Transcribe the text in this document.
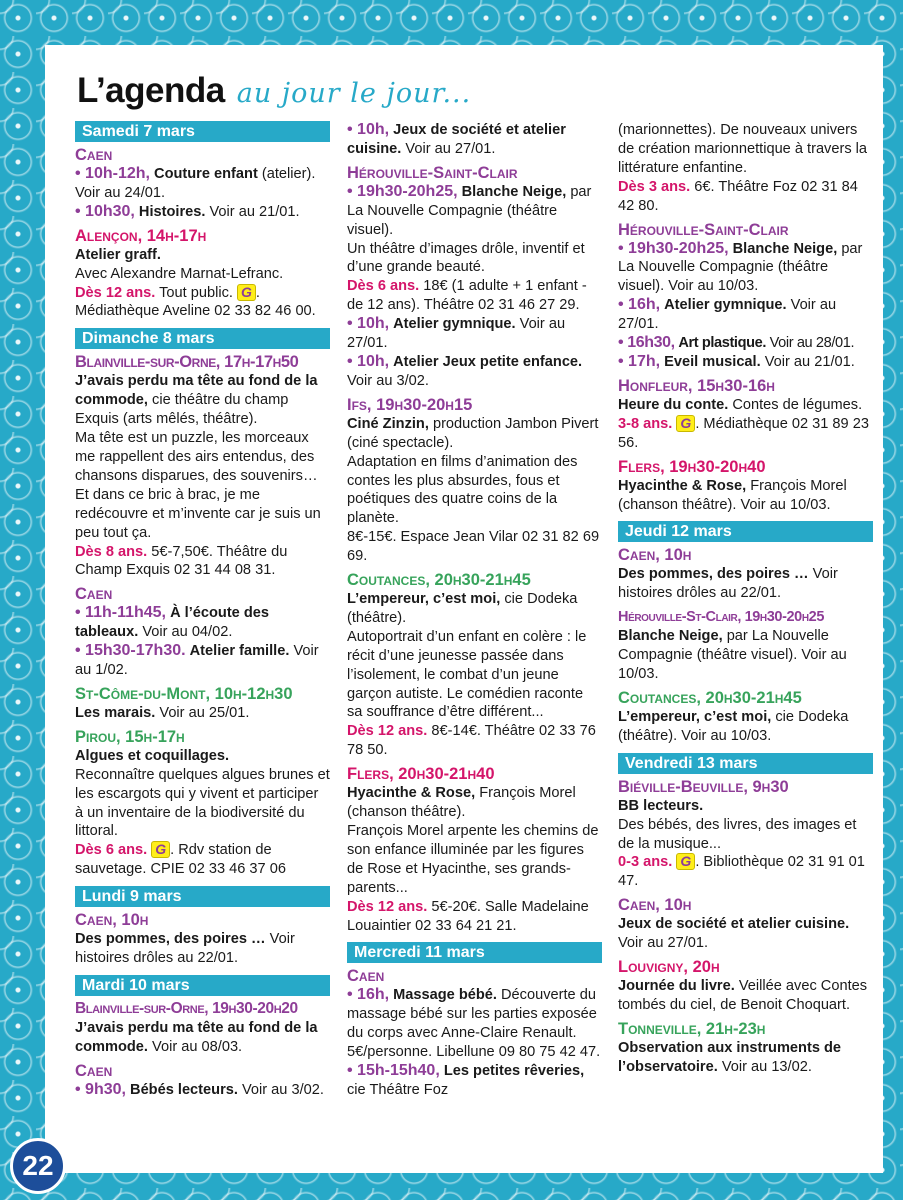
L’agenda au jour le jour...
Samedi 7 mars
Caen
• 10h-12h, Couture enfant (atelier). Voir au 24/01.
• 10h30, Histoires. Voir au 21/01.
Alençon, 14h-17h
Atelier graff.
Avec Alexandre Marnat-Lefranc.
Dès 12 ans. Tout public. G . Médiathèque Aveline 02 33 82 46 00.
Dimanche 8 mars
Blainville-sur-Orne, 17h-17h50
J’avais perdu ma tête au fond de la commode, cie théâtre du champ Exquis (arts mêlés, théâtre).
Ma tête est un puzzle, les morceaux me rappellent des airs entendus, des chansons disparues, des souvenirs… Et dans ce bric à brac, je me redécouvre et m’invente car je suis un peu tout ça.
Dès 8 ans. 5€-7,50€. Théâtre du Champ Exquis 02 31 44 08 31.
Caen
• 11h-11h45, À l’écoute des tableaux. Voir au 04/02.
• 15h30-17h30. Atelier famille. Voir au 1/02.
St-Côme-du-Mont, 10h-12h30
Les marais. Voir au 25/01.
Pirou, 15h-17h
Algues et coquillages.
Reconnaître quelques algues brunes et les escargots qui y vivent et participer à un inventaire de la biodiversité du littoral.
Dès 6 ans. G . Rdv station de sauvetage. CPIE 02 33 46 37 06
Lundi 9 mars
Caen, 10h
Des pommes, des poires … Voir histoires drôles au 22/01.
Mardi 10 mars
Blainville-sur-Orne, 19h30-20h20
J’avais perdu ma tête au fond de la commode. Voir au 08/03.
Caen
• 9h30, Bébés lecteurs. Voir au 3/02.
• 10h, Jeux de société et atelier cuisine. Voir au 27/01.
Hérouville-Saint-Clair
• 19h30-20h25, Blanche Neige, par La Nouvelle Compagnie (théâtre visuel).
Un théâtre d’images drôle, inventif et d’une grande beauté.
Dès 6 ans. 18€ (1 adulte + 1 enfant - de 12 ans). Théâtre 02 31 46 27 29.
• 10h, Atelier gymnique. Voir au 27/01.
• 10h, Atelier Jeux petite enfance. Voir au 3/02.
Ifs, 19h30-20h15
Ciné Zinzin, production Jambon Pivert (ciné spectacle).
Adaptation en films d’animation des contes les plus absurdes, fous et poétiques des quatre coins de la planète.
8€-15€. Espace Jean Vilar 02 31 82 69 69.
Coutances, 20h30-21h45
L’empereur, c’est moi, cie Dodeka (théâtre).
Autoportrait d’un enfant en colère : le récit d’une jeunesse passée dans l’isolement, le combat d’un jeune garçon autiste. Le comédien raconte sa souffrance d’être différent...
Dès 12 ans. 8€-14€. Théâtre 02 33 76 78 50.
Flers, 20h30-21h40
Hyacinthe & Rose, François Morel (chanson théâtre).
François Morel arpente les chemins de son enfance illuminée par les figures de Rose et Hyacinthe, ses grands-parents...
Dès 12 ans. 5€-20€. Salle Madelaine Louaintier 02 33 64 21 21.
Mercredi 11 mars
Caen
• 16h, Massage bébé. Découverte du massage bébé sur les parties exposée du corps avec Anne-Claire Renault. 5€/personne. Libellune 09 80 75 42 47.
• 15h-15h40, Les petites rêveries, cie Théâtre Foz
(marionnettes). De nouveaux univers de création marionnettique à travers la littérature enfantine.
Dès 3 ans. 6€. Théâtre Foz 02 31 84 42 80.
Hérouville-Saint-Clair
• 19h30-20h25, Blanche Neige, par La Nouvelle Compagnie (théâtre visuel). Voir au 10/03.
• 16h, Atelier gymnique. Voir au 27/01.
• 16h30, Art plastique. Voir au 28/01.
• 17h, Eveil musical. Voir au 21/01.
Honfleur, 15h30-16h
Heure du conte. Contes de légumes.
3-8 ans. G . Médiathèque 02 31 89 23 56.
Flers, 19h30-20h40
Hyacinthe & Rose, François Morel (chanson théâtre). Voir au 10/03.
Jeudi 12 mars
Caen, 10h
Des pommes, des poires … Voir histoires drôles au 22/01.
Hérouville-St-Clair, 19h30-20h25
Blanche Neige, par La Nouvelle Compagnie (théâtre visuel). Voir au 10/03.
Coutances, 20h30-21h45
L’empereur, c’est moi, cie Dodeka (théâtre). Voir au 10/03.
Vendredi 13 mars
Biéville-Beuville, 9h30
BB lecteurs.
Des bébés, des livres, des images et de la musique...
0-3 ans. G . Bibliothèque 02 31 91 01 47.
Caen, 10h
Jeux de société et atelier cuisine. Voir au 27/01.
Louvigny, 20h
Journée du livre. Veillée avec Contes tombés du ciel, de Benoit Choquart.
Tonneville, 21h-23h
Observation aux instruments de l’observatoire. Voir au 13/02.
22
